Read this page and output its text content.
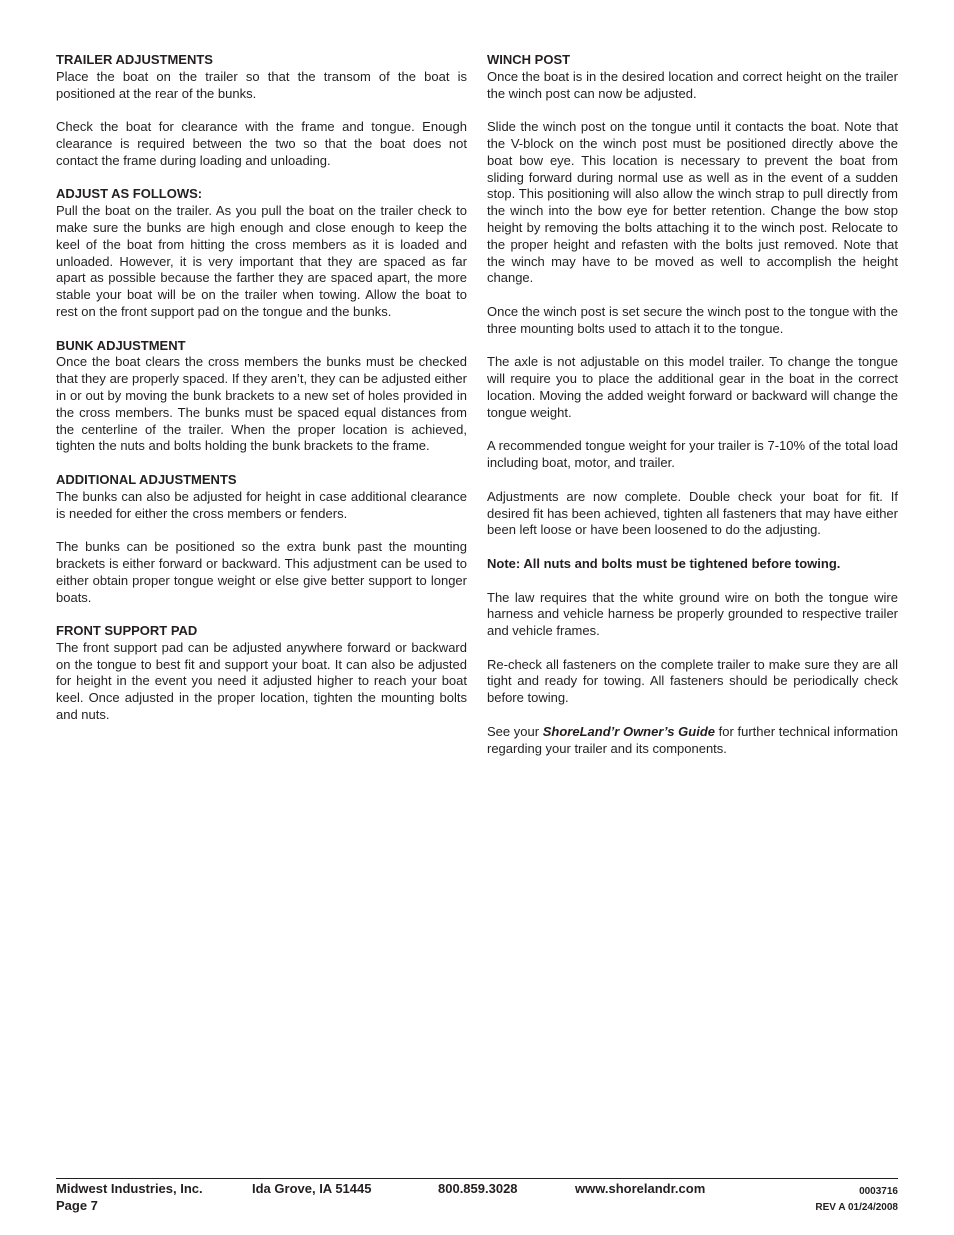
TRAILER ADJUSTMENTS

Place the boat on the trailer so that the transom of the boat is positioned at the rear of the bunks.

Check the boat for clearance with the frame and tongue. Enough clearance is required between the two so that the boat does not contact the frame during loading and unloading.

ADJUST AS FOLLOWS:

Pull the boat on the trailer. As you pull the boat on the trailer check to make sure the bunks are high enough and close enough to keep the keel of the boat from hitting the cross members as it is loaded and unloaded. However, it is very important that they are spaced as far apart as possible because the farther they are spaced apart, the more stable your boat will be on the trailer when towing. Allow the boat to rest on the front support pad on the tongue and the bunks.

BUNK ADJUSTMENT

Once the boat clears the cross members the bunks must be checked that they are properly spaced. If they aren’t, they can be adjusted either in or out by moving the bunk brackets to a new set of holes provided in the cross members. The bunks must be spaced equal distances from the centerline of the trailer. When the proper location is achieved, tighten the nuts and bolts holding the bunk brackets to the frame.

ADDITIONAL ADJUSTMENTS

The bunks can also be adjusted for height in case additional clearance is needed for either the cross members or fenders.

The bunks can be positioned so the extra bunk past the mounting brackets is either forward or backward. This adjustment can be used to either obtain proper tongue weight or else give better support to longer boats.

FRONT SUPPORT PAD

The front support pad can be adjusted anywhere forward or backward on the tongue to best fit and support your boat. It can also be adjusted for height in the event you need it adjusted higher to reach your boat keel. Once adjusted in the proper location, tighten the mounting bolts and nuts.

WINCH POST

Once the boat is in the desired location and correct height on the trailer the winch post can now be adjusted.

Slide the winch post on the tongue until it contacts the boat. Note that the V-block on the winch post must be positioned directly above the boat bow eye. This location is necessary to prevent the boat from sliding forward during normal use as well as in the event of a sudden stop. This positioning will also allow the winch strap to pull directly from the winch into the bow eye for better retention. Change the bow stop height by removing the bolts attaching it to the winch post. Relocate to the proper height and refasten with the bolts just removed. Note that the winch may have to be moved as well to accomplish the height change.

Once the winch post is set secure the winch post to the tongue with the three mounting bolts used to attach it to the tongue.

The axle is not adjustable on this model trailer. To change the tongue will require you to place the additional gear in the boat in the correct location. Moving the added weight forward or backward will change the tongue weight.

A recommended tongue weight for your trailer is 7-10% of the total load including boat, motor, and trailer.

Adjustments are now complete. Double check your boat for fit. If desired fit has been achieved, tighten all fasteners that may have either been left loose or have been loosened to do the adjusting.

Note: All nuts and bolts must be tightened before towing.

The law requires that the white ground wire on both the tongue wire harness and vehicle harness be properly grounded to respective trailer and vehicle frames.

Re-check all fasteners on the complete trailer to make sure they are all tight and ready for towing. All fasteners should be periodically check before towing.

See your ShoreLand’r Owner’s Guide for further technical information regarding your trailer and its components.

Midwest Industries, Inc.
Page 7
Ida Grove, IA 51445	800.859.3028	www.shorelandr.com	0003716
REV A 01/24/2008
